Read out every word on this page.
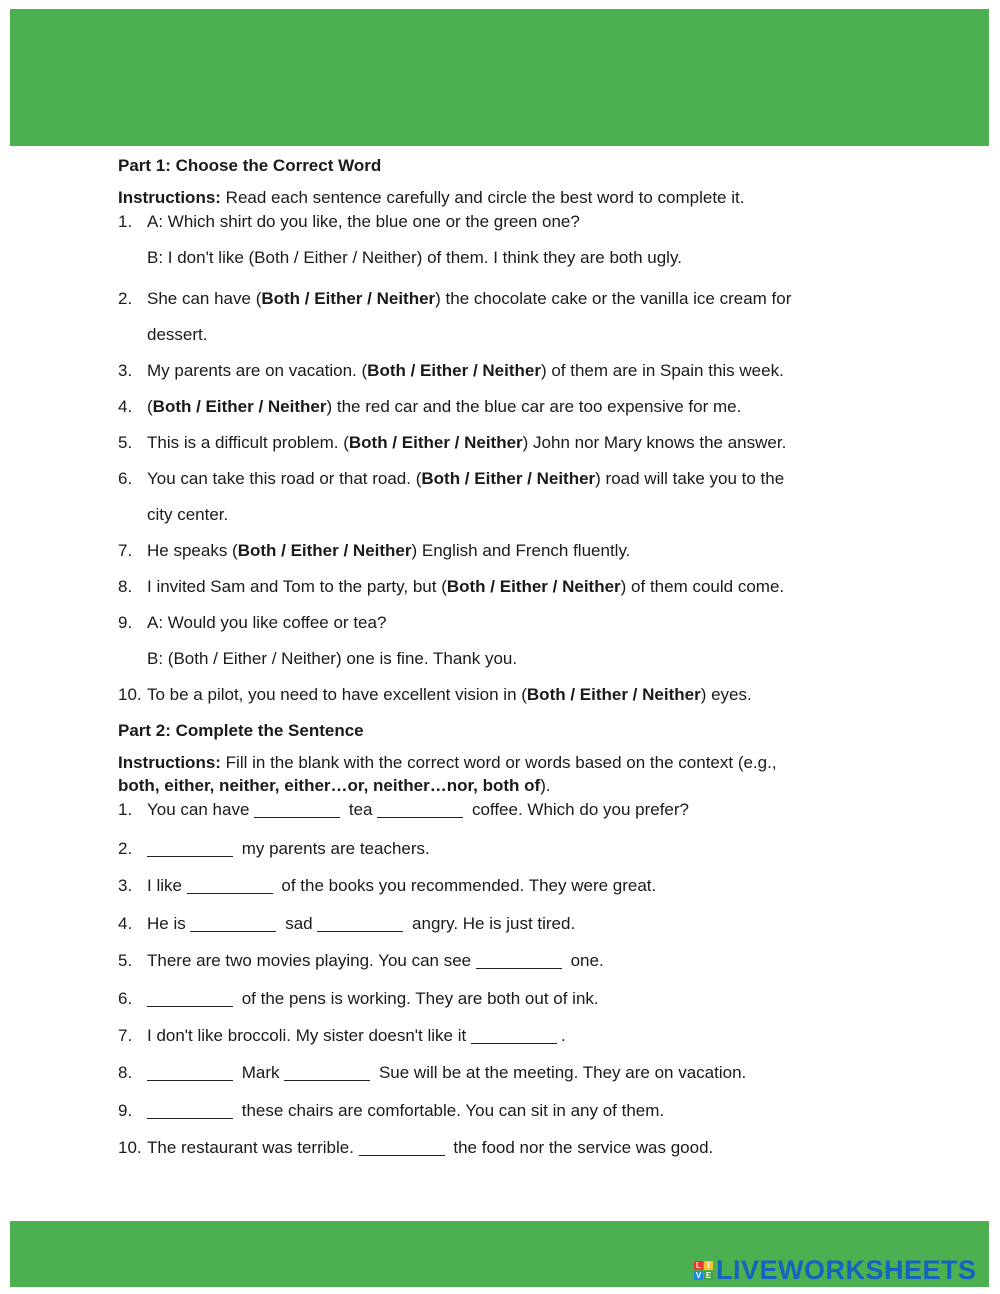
Part 1: Choose the Correct Word

Instructions: Read each sentence carefully and circle the best word to complete it.

1. A: Which shirt do you like, the blue one or the green one?
B: I don't like (Both / Either / Neither) of them. I think they are both ugly.
2. She can have (Both / Either / Neither) the chocolate cake or the vanilla ice cream for
dessert.
3. My parents are on vacation. (Both / Either / Neither) of them are in Spain this week.
4. (Both / Either / Neither) the red car and the blue car are too expensive for me.
5. This is a difficult problem. (Both / Either / Neither) John nor Mary knows the answer.
6. You can take this road or that road. (Both / Either / Neither) road will take you to the
city center.
7. He speaks (Both / Either / Neither) English and French fluently.
8. I invited Sam and Tom to the party, but (Both / Either / Neither) of them could come.
9. A: Would you like coffee or tea?
B: (Both / Either / Neither) one is fine. Thank you.
10. To be a pilot, you need to have excellent vision in (Both / Either / Neither) eyes.

Part 2: Complete the Sentence

Instructions: Fill in the blank with the correct word or words based on the context (e.g.,
both, either, neither, either…or, neither…nor, both of).

1. You can have	tea	coffee. Which do you prefer?
2.	my parents are teachers.
3. I like	of the books you recommended. They were great.
4. He is	sad	angry. He is just tired.
5. There are two movies playing. You can see	one.
6.	of the pens is working. They are both out of ink.
7. I don't like broccoli. My sister doesn't like it	.
8.	Mark	Sue will be at the meeting. They are on vacation.
9.	these chairs are comfortable. You can sit in any of them.
10. The restaurant was terrible.	the food nor the service was good.
L I
V E LIVEWORKSHEETS
